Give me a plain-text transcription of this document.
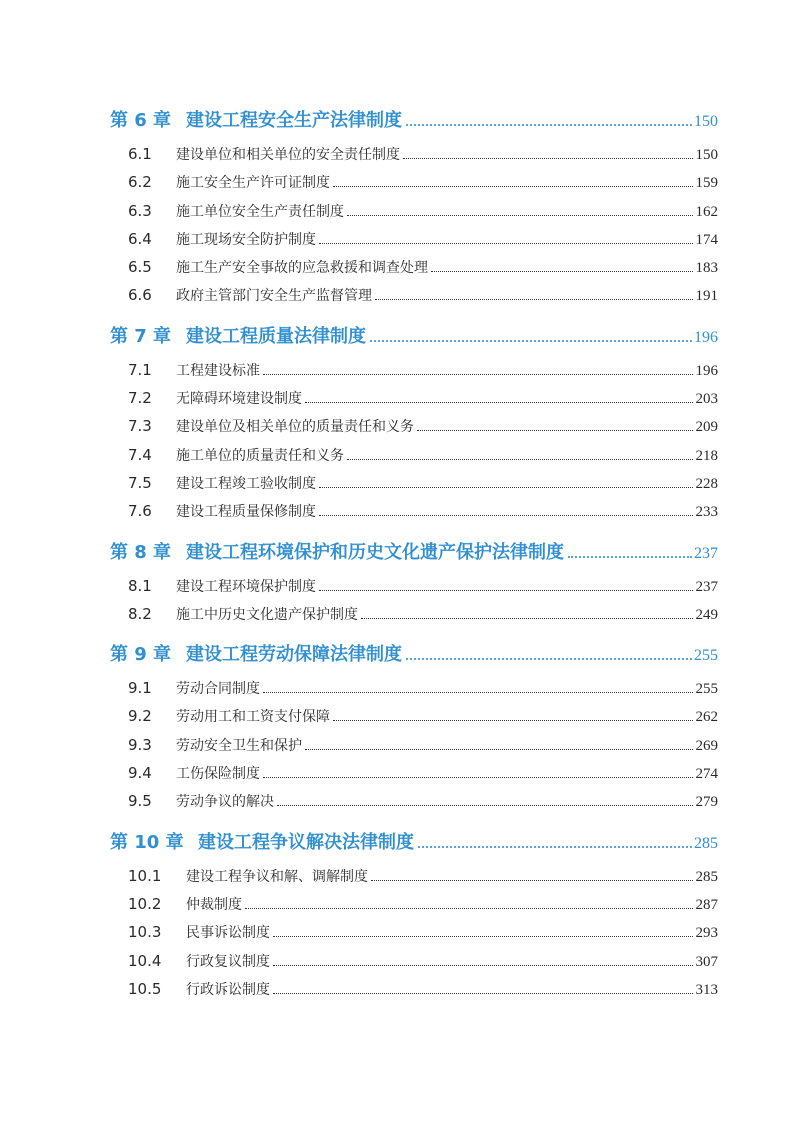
第 6 章 建设工程安全生产法律制度	150
6.1	建设单位和相关单位的安全责任制度	150
6.2	施工安全生产许可证制度	159
6.3	施工单位安全生产责任制度	162
6.4	施工现场安全防护制度	174
6.5	施工生产安全事故的应急救援和调查处理	183
6.6	政府主管部门安全生产监督管理	191
第 7 章 建设工程质量法律制度	196
7.1	工程建设标准	196
7.2	无障碍环境建设制度	203
7.3	建设单位及相关单位的质量责任和义务	209
7.4	施工单位的质量责任和义务	218
7.5	建设工程竣工验收制度	228
7.6	建设工程质量保修制度	233
第 8 章 建设工程环境保护和历史文化遗产保护法律制度	237
8.1	建设工程环境保护制度	237
8.2	施工中历史文化遗产保护制度	249
第 9 章 建设工程劳动保障法律制度	255
9.1	劳动合同制度	255
9.2	劳动用工和工资支付保障	262
9.3	劳动安全卫生和保护	269
9.4	工伤保险制度	274
9.5	劳动争议的解决	279
第 10 章 建设工程争议解决法律制度	285
10.1	建设工程争议和解、调解制度	285
10.2	仲裁制度	287
10.3	民事诉讼制度	293
10.4	行政复议制度	307
10.5	行政诉讼制度	313
